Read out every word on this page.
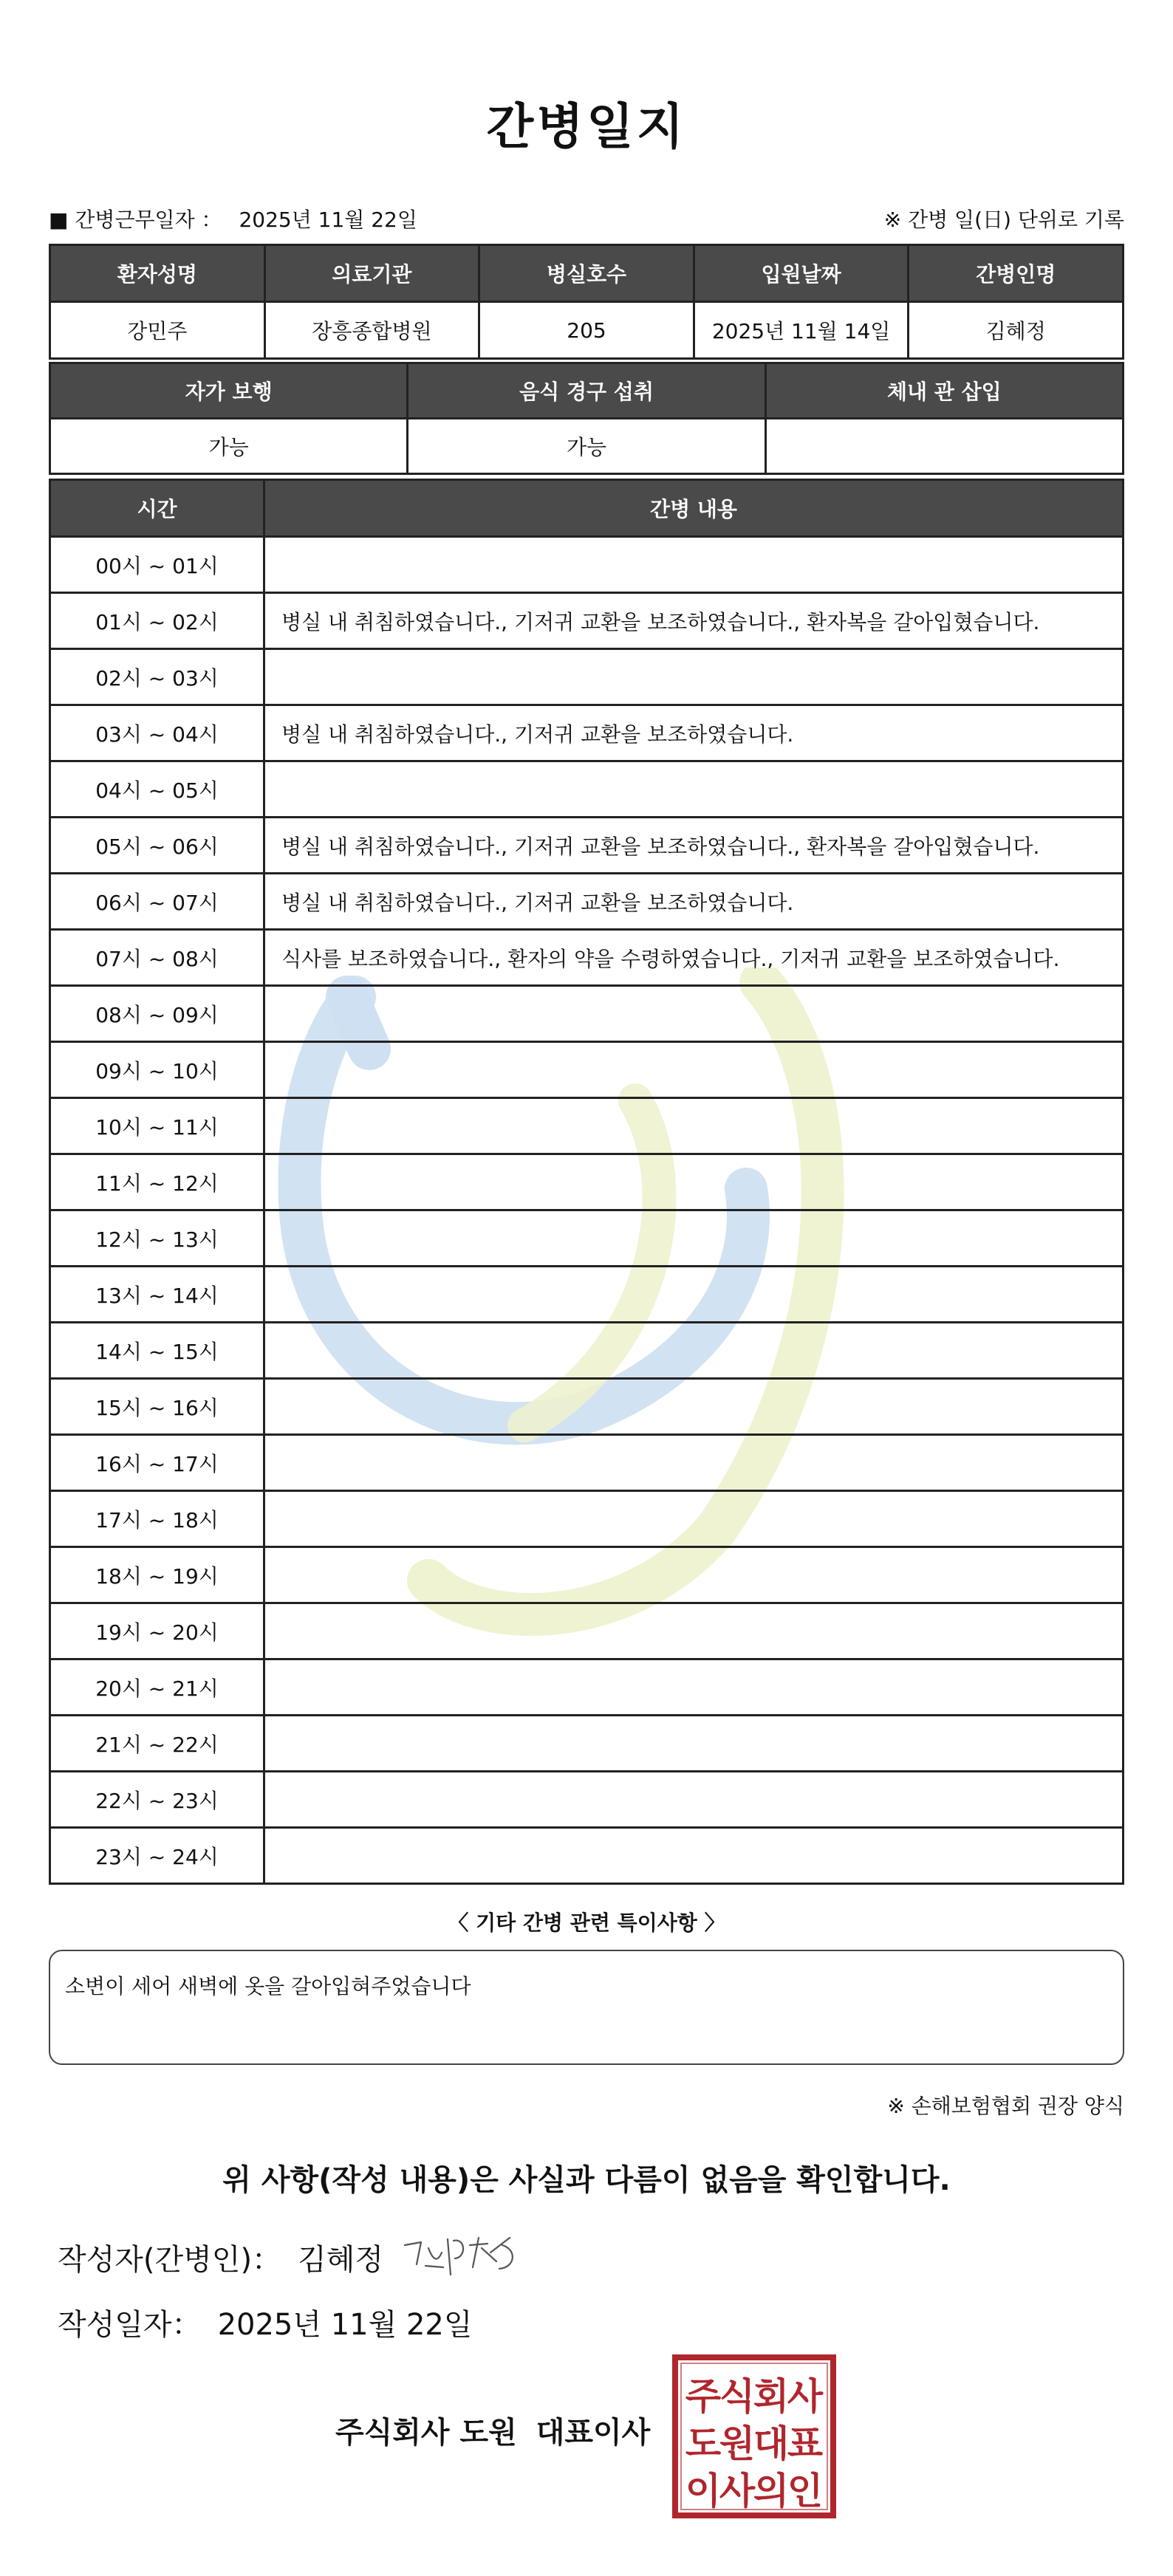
간병일지
■ 간병근무일자 ： 2025년 11월 22일	※ 간병 일(日) 단위로 기록
환자성명	의료기관	병실호수	입원날짜	간병인명
강민주	장흥종합병원	205	2025년 11월 14일	김혜정
자가 보행	음식 경구 섭취	체내 관 삽입
가능	가능	
시간	간병 내용
00시 ~ 01시	
01시 ~ 02시	병실 내 취침하였습니다., 기저귀 교환을 보조하였습니다., 환자복을 갈아입혔습니다.
02시 ~ 03시	
03시 ~ 04시	병실 내 취침하였습니다., 기저귀 교환을 보조하였습니다.
04시 ~ 05시	
05시 ~ 06시	병실 내 취침하였습니다., 기저귀 교환을 보조하였습니다., 환자복을 갈아입혔습니다.
06시 ~ 07시	병실 내 취침하였습니다., 기저귀 교환을 보조하였습니다.
07시 ~ 08시	식사를 보조하였습니다., 환자의 약을 수령하였습니다., 기저귀 교환을 보조하였습니다.
08시 ~ 09시	
09시 ~ 10시	
10시 ~ 11시	
11시 ~ 12시	
12시 ~ 13시	
13시 ~ 14시	
14시 ~ 15시	
15시 ~ 16시	
16시 ~ 17시	
17시 ~ 18시	
18시 ~ 19시	
19시 ~ 20시	
20시 ~ 21시	
21시 ~ 22시	
22시 ~ 23시	
23시 ~ 24시	
〈 기타 간병 관련 특이사항 〉
소변이 세어 새벽에 옷을 갈아입혀주었습니다
※ 손해보험협회 권장 양식
위 사항(작성 내용)은 사실과 다름이 없음을 확인합니다.
작성자(간병인)： 김혜정
작성일자： 2025년 11월 22일
주식회사 도원 대표이사
주
식
회
사
도
원
대
표
이
사
의
인
